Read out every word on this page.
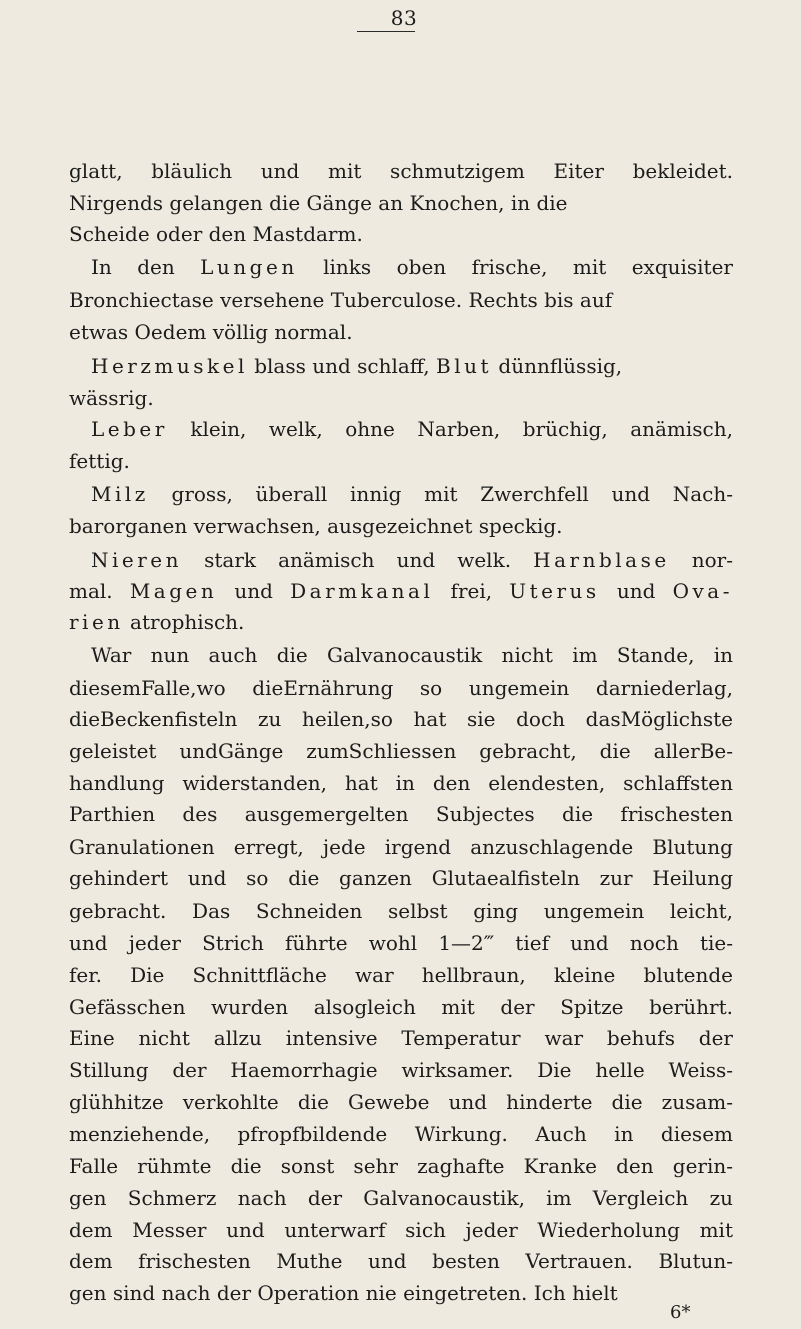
83
glatt, bläulich und mit schmutzigem Eiter bekleidet.
Nirgends gelangen die Gänge an Knochen, in die
Scheide oder den Mastdarm.
In den Lungen links oben frische, mit exquisiter
Bronchiectase versehene Tuberculose. Rechts bis auf
etwas Oedem völlig normal.
Herzmuskel blass und schlaff, Blut dünnflüssig,
wässrig.
Leber klein, welk, ohne Narben, brüchig, anämisch,
fettig.
Milz gross, überall innig mit Zwerchfell und Nach-
barorganen verwachsen, ausgezeichnet speckig.
Nieren stark anämisch und welk. Harnblase nor-
mal. Magen und Darmkanal frei, Uterus und Ova-
rien atrophisch.
War nun auch die Galvanocaustik nicht im Stande, in
diesemFalle,wo dieErnährung so ungemein darniederlag,
dieBeckenfisteln zu heilen,so hat sie doch dasMöglichste
geleistet undGänge zumSchliessen gebracht, die allerBe-
handlung widerstanden, hat in den elendesten, schlaffsten
Parthien des ausgemergelten Subjectes die frischesten
Granulationen erregt, jede irgend anzuschlagende Blutung
gehindert und so die ganzen Glutaealfisteln zur Heilung
gebracht. Das Schneiden selbst ging ungemein leicht,
und jeder Strich führte wohl 1—2‴ tief und noch tie-
fer. Die Schnittfläche war hellbraun, kleine blutende
Gefässchen wurden alsogleich mit der Spitze berührt.
Eine nicht allzu intensive Temperatur war behufs der
Stillung der Haemorrhagie wirksamer. Die helle Weiss-
glühhitze verkohlte die Gewebe und hinderte die zusam-
menziehende, pfropfbildende Wirkung. Auch in diesem
Falle rühmte die sonst sehr zaghafte Kranke den gerin-
gen Schmerz nach der Galvanocaustik, im Vergleich zu
dem Messer und unterwarf sich jeder Wiederholung mit
dem frischesten Muthe und besten Vertrauen. Blutun-
gen sind nach der Operation nie eingetreten. Ich hielt
6*
